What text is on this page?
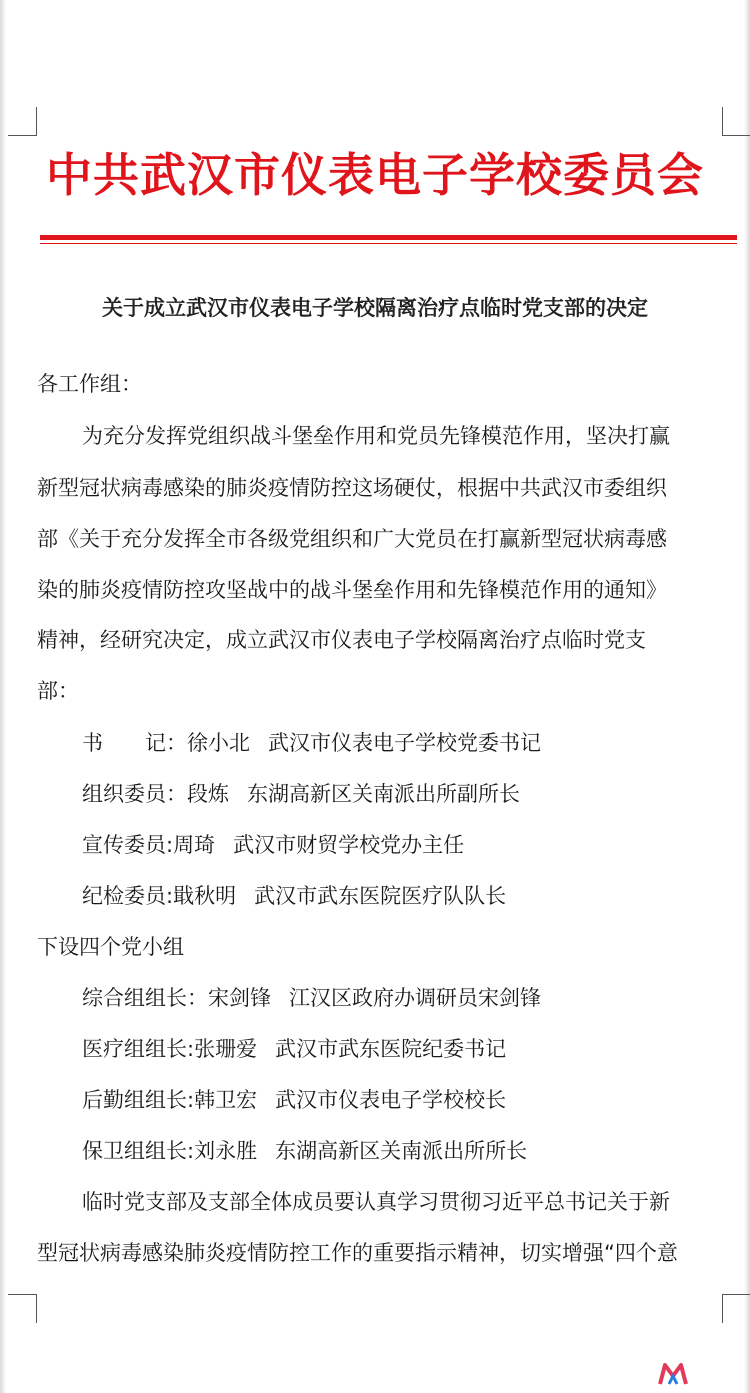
中共武汉市仪表电子学校委员会
关于成立武汉市仪表电子学校隔离治疗点临时党支部的决定
各工作组：
为充分发挥党组织战斗堡垒作用和党员先锋模范作用，坚决打赢
新型冠状病毒感染的肺炎疫情防控这场硬仗，根据中共武汉市委组织
部《关于充分发挥全市各级党组织和广大党员在打赢新型冠状病毒感
染的肺炎疫情防控攻坚战中的战斗堡垒作用和先锋模范作用的通知》
精神，经研究决定，成立武汉市仪表电子学校隔离治疗点临时党支
部：
书　　记：徐小北 武汉市仪表电子学校党委书记
组织委员：段炼 东湖高新区关南派出所副所长
宣传委员:周琦 武汉市财贸学校党办主任
纪检委员:戢秋明 武汉市武东医院医疗队队长
下设四个党小组
综合组组长：宋剑锋 江汉区政府办调研员宋剑锋
医疗组组长:张珊爱 武汉市武东医院纪委书记
后勤组组长:韩卫宏 武汉市仪表电子学校校长
保卫组组长:刘永胜 东湖高新区关南派出所所长
临时党支部及支部全体成员要认真学习贯彻习近平总书记关于新
型冠状病毒感染肺炎疫情防控工作的重要指示精神，切实增强“四个意
